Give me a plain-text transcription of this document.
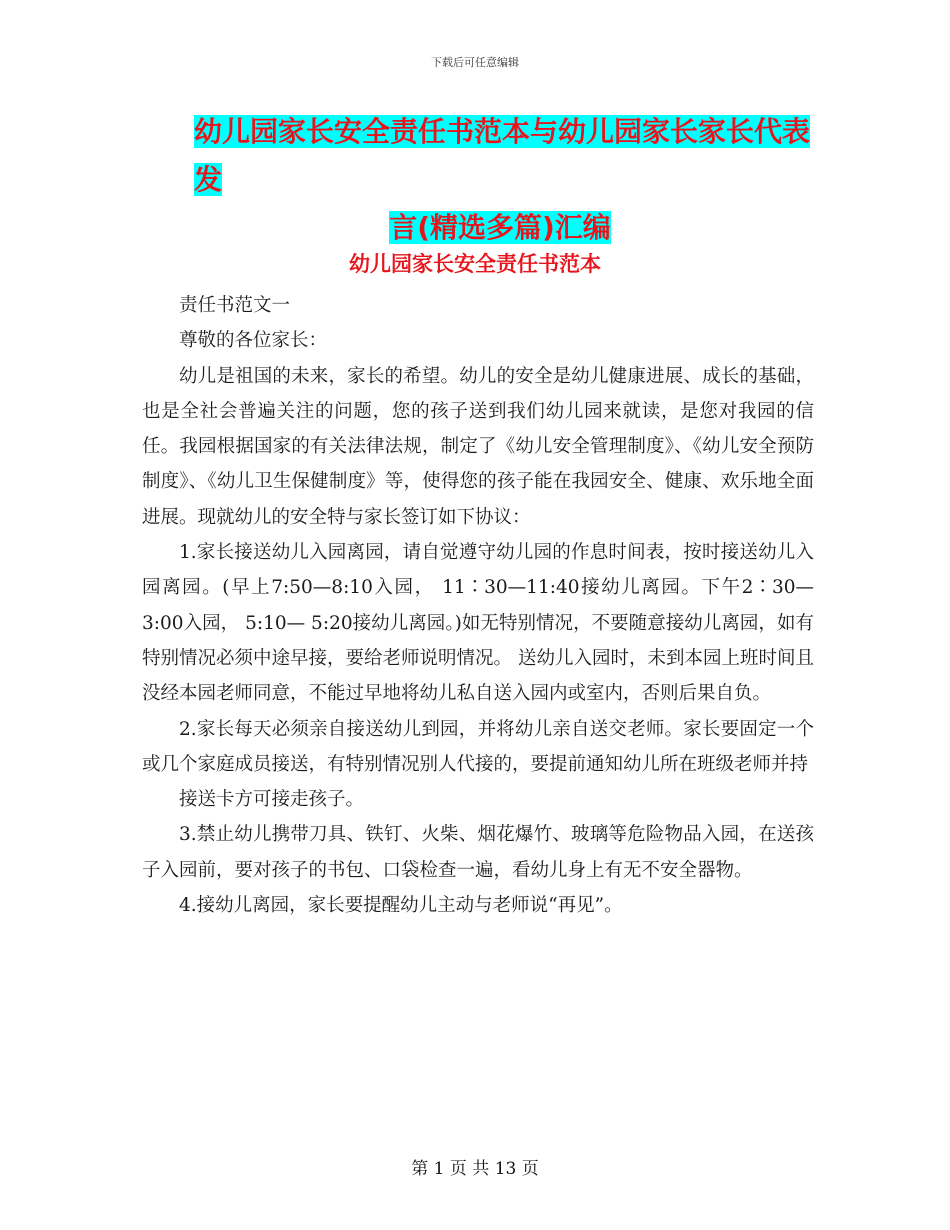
下载后可任意编辑
幼儿园家长安全责任书范本与幼儿园家长家长代表发
言(精选多篇)汇编
幼儿园家长安全责任书范本

责任书范文一

尊敬的各位家长：

幼儿是祖国的未来，家长的希望。幼儿的安全是幼儿健康进展、成长的基础，也是全社会普遍关注的问题，您的孩子送到我们幼儿园来就读，是您对我园的信任。我园根据国家的有关法律法规，制定了《幼儿安全管理制度》、《幼儿安全预防制度》、《幼儿卫生保健制度》等，使得您的孩子能在我园安全、健康、欢乐地全面进展。现就幼儿的安全特与家长签订如下协议：

1.家长接送幼儿入园离园，请自觉遵守幼儿园的作息时间表，按时接送幼儿入园离园。(早上7:50—8:10入园， 11∶30—11:40接幼儿离园。下午2∶30—3:00入园， 5:10— 5:20接幼儿离园。)如无特别情况，不要随意接幼儿离园，如有特别情况必须中途早接，要给老师说明情况。 送幼儿入园时，未到本园上班时间且没经本园老师同意，不能过早地将幼儿私自送入园内或室内，否则后果自负。

2.家长每天必须亲自接送幼儿到园，并将幼儿亲自送交老师。家长要固定一个或几个家庭成员接送，有特别情况别人代接的，要提前通知幼儿所在班级老师并持

接送卡方可接走孩子。

3.禁止幼儿携带刀具、铁钉、火柴、烟花爆竹、玻璃等危险物品入园，在送孩子入园前，要对孩子的书包、口袋检查一遍，看幼儿身上有无不安全器物。

4.接幼儿离园，家长要提醒幼儿主动与老师说“再见”。

第 1 页 共 13 页
